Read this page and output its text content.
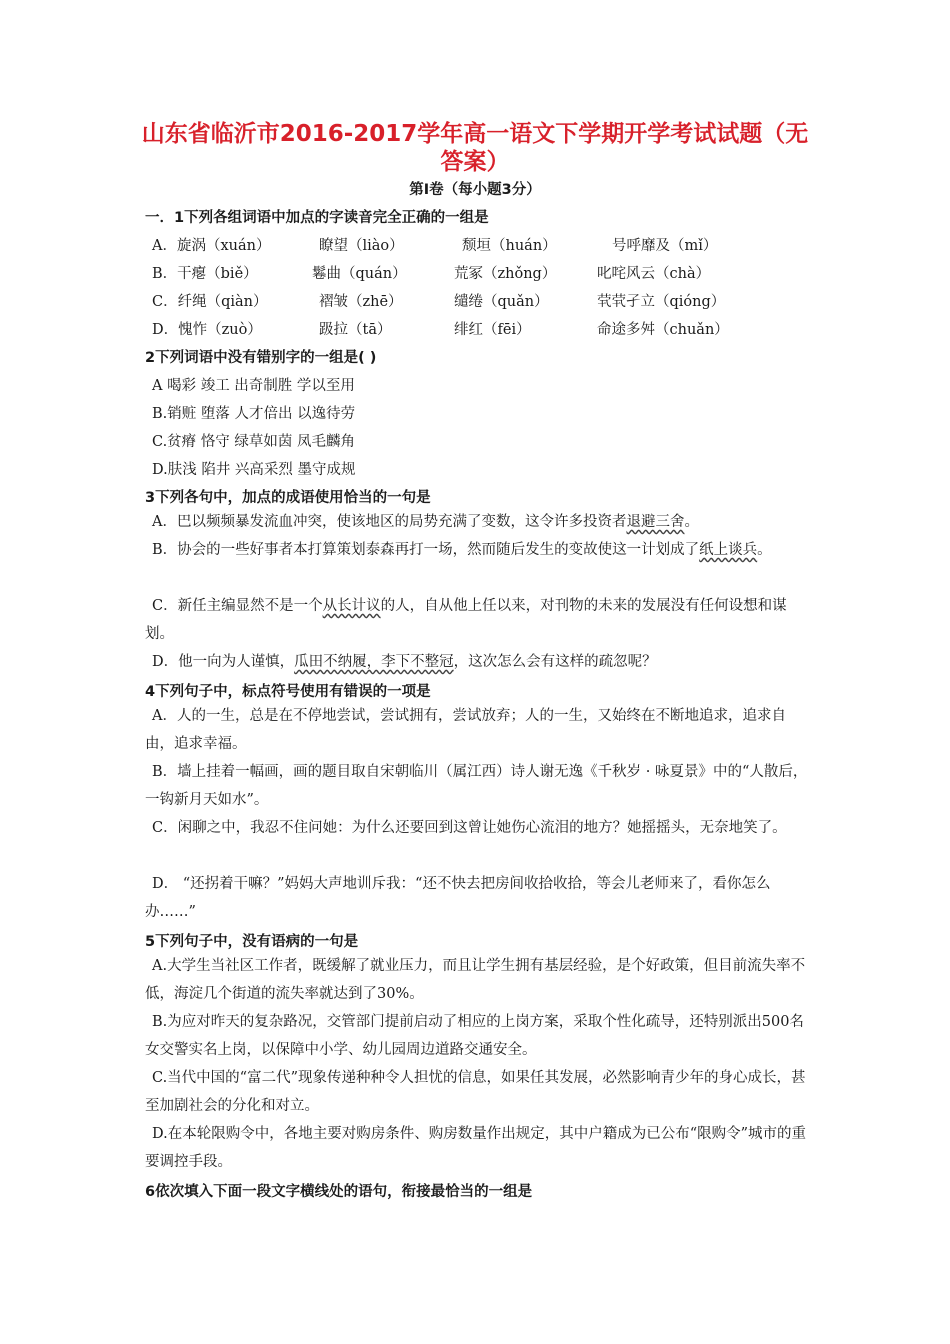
山东省临沂市2016-2017学年高一语文下学期开学考试试题（无答案）
第Ⅰ卷（每小题3分）
一．1下列各组词语中加点的字读音完全正确的一组是
A．旋涡（xuán）	瞭望（liào）	颓垣（huán）	号呼靡及（mǐ）
B．干瘪（biě）	鬈曲（quán）	荒冢（zhǒng）	叱咤风云（chà）
C．纤绳（qiàn）	褶皱（zhē）	缱绻（quǎn）	茕茕孑立（qióng）
D．愧怍（zuò）	趿拉（tā）	绯红（fēi）	命途多舛（chuǎn）
2下列词语中没有错别字的一组是( )
A 喝彩 竣工 出奇制胜 学以至用
B.销赃 堕落 人才倍出 以逸待劳
C.贫瘠 恪守 绿草如茵 凤毛麟角
D.肤浅 陷井 兴高采烈 墨守成规
3下列各句中，加点的成语使用恰当的一句是
A．巴以频频暴发流血冲突，使该地区的局势充满了变数，这令许多投资者退避三舍。
B．协会的一些好事者本打算策划泰森再打一场，然而随后发生的变故使这一计划成了纸上谈兵。
C．新任主编显然不是一个从长计议的人，自从他上任以来，对刊物的未来的发展没有任何设想和谋划。
D．他一向为人谨慎，瓜田不纳履，李下不整冠，这次怎么会有这样的疏忽呢？
4下列句子中，标点符号使用有错误的一项是
A．人的一生，总是在不停地尝试，尝试拥有，尝试放弃；人的一生，又始终在不断地追求，追求自由，追求幸福。
B．墙上挂着一幅画，画的题目取自宋朝临川（属江西）诗人谢无逸《千秋岁 · 咏夏景》中的“人散后，一钩新月天如水”。
C．闲聊之中，我忍不住问她：为什么还要回到这曾让她伤心流泪的地方？她摇摇头，无奈地笑了。
D． “还拐着干嘛？”妈妈大声地训斥我：“还不快去把房间收拾收拾，等会儿老师来了，看你怎么办……”
5下列句子中，没有语病的一句是
A.大学生当社区工作者，既缓解了就业压力，而且让学生拥有基层经验，是个好政策，但目前流失率不低，海淀几个街道的流失率就达到了30%。
B.为应对昨天的复杂路况，交管部门提前启动了相应的上岗方案，采取个性化疏导，还特别派出500名女交警实名上岗，以保障中小学、幼儿园周边道路交通安全。
C.当代中国的“富二代”现象传递种种令人担忧的信息，如果任其发展，必然影响青少年的身心成长，甚至加剧社会的分化和对立。
D.在本轮限购令中，各地主要对购房条件、购房数量作出规定，其中户籍成为已公布“限购令”城市的重要调控手段。
6依次填入下面一段文字横线处的语句，衔接最恰当的一组是
